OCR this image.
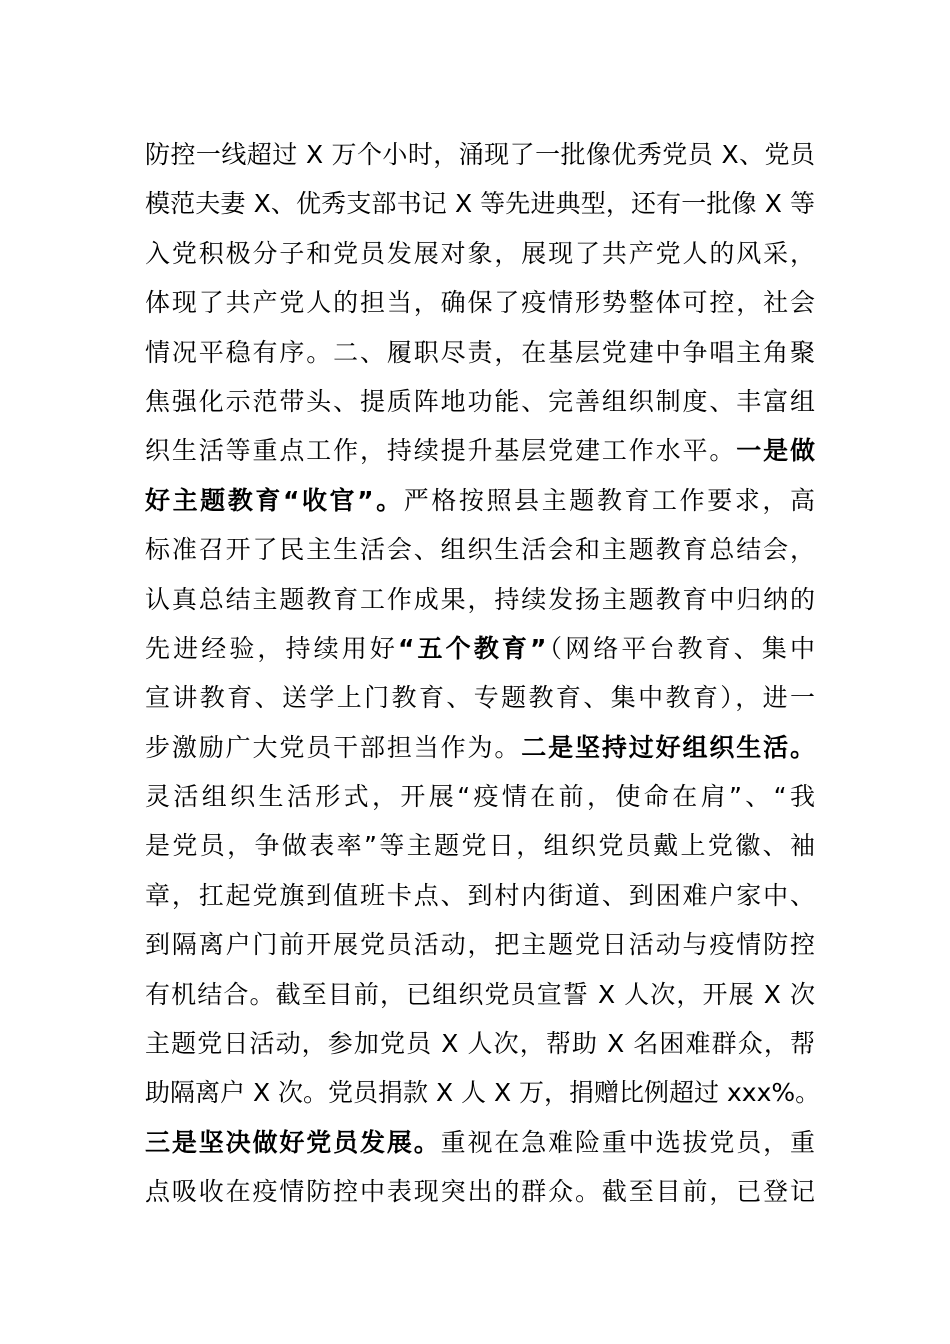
防控一线超过 X 万个小时，涌现了一批像优秀党员 X、党员
模范夫妻 X、优秀支部书记 X 等先进典型，还有一批像 X 等
入党积极分子和党员发展对象，展现了共产党人的风采，
体现了共产党人的担当，确保了疫情形势整体可控，社会
情况平稳有序。二、履职尽责，在基层党建中争唱主角聚
焦强化示范带头、提质阵地功能、完善组织制度、丰富组
织生活等重点工作，持续提升基层党建工作水平。一是做
好主题教育“收官”。严格按照县主题教育工作要求，高
标准召开了民主生活会、组织生活会和主题教育总结会，
认真总结主题教育工作成果，持续发扬主题教育中归纳的
先进经验，持续用好“五个教育”（网络平台教育、集中
宣讲教育、送学上门教育、专题教育、集中教育），进一
步激励广大党员干部担当作为。二是坚持过好组织生活。
灵活组织生活形式，开展“疫情在前，使命在肩”、“我
是党员，争做表率”等主题党日，组织党员戴上党徽、袖
章，扛起党旗到值班卡点、到村内街道、到困难户家中、
到隔离户门前开展党员活动，把主题党日活动与疫情防控
有机结合。截至目前，已组织党员宣誓 X 人次，开展 X 次
主题党日活动，参加党员 X 人次，帮助 X 名困难群众，帮
助隔离户 X 次。党员捐款 X 人 X 万，捐赠比例超过 xxx%。
三是坚决做好党员发展。重视在急难险重中选拔党员，重
点吸收在疫情防控中表现突出的群众。截至目前，已登记
